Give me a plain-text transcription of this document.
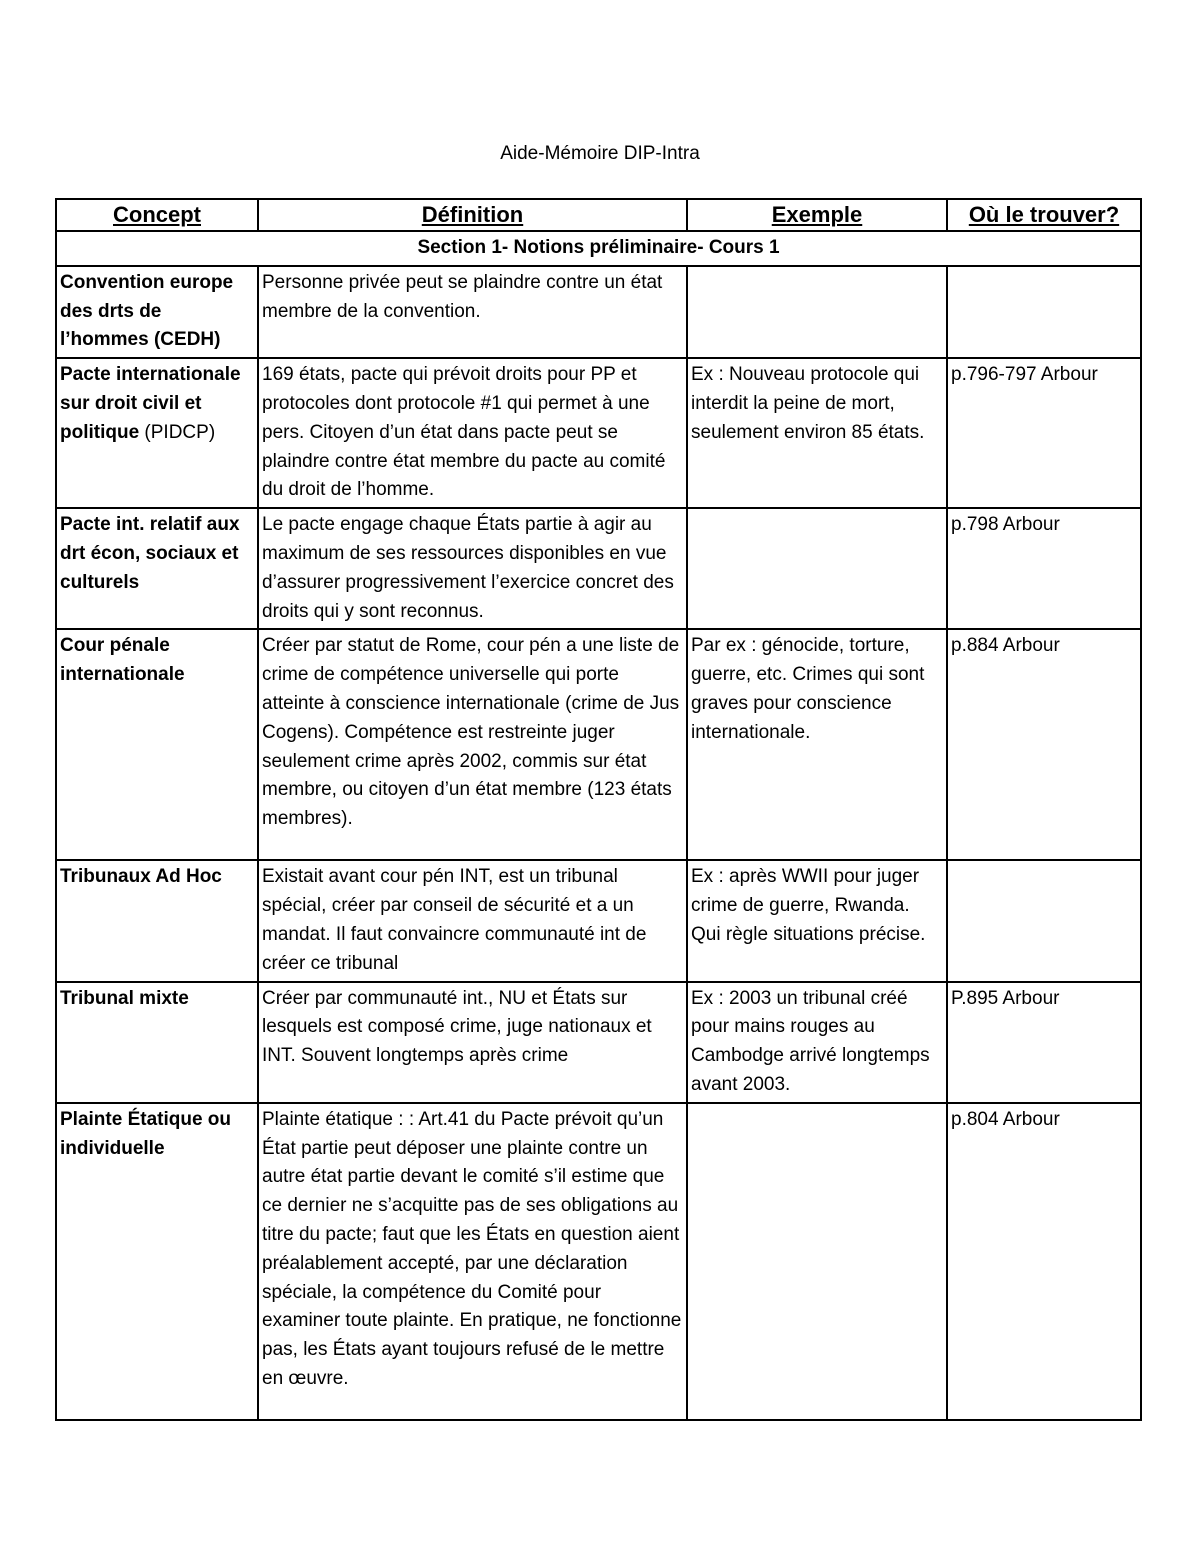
Aide-Mémoire DIP-Intra
Concept	Définition	Exemple	Où le trouver?
Section 1- Notions préliminaire- Cours 1			
Convention europe des drts de l’hommes (CEDH)	Personne privée peut se plaindre contre un état membre de la convention.		
Pacte internationale sur droit civil et politique (PIDCP)	169 états, pacte qui prévoit droits pour PP et protocoles dont protocole #1 qui permet à une pers. Citoyen d’un état dans pacte peut se plaindre contre état membre du pacte au comité du droit de l’homme.	Ex : Nouveau protocole qui interdit la peine de mort, seulement environ 85 états.	p.796-797 Arbour
Pacte int. relatif aux drt écon, sociaux et culturels	Le pacte engage chaque États partie à agir au maximum de ses ressources disponibles en vue d’assurer progressivement l’exercice concret des droits qui y sont reconnus.		p.798 Arbour
Cour pénale internationale	Créer par statut de Rome, cour pén a une liste de crime de compétence universelle qui porte atteinte à conscience internationale (crime de Jus Cogens). Compétence est restreinte juger seulement crime après 2002, commis sur état membre, ou citoyen d’un état membre (123 états membres).	Par ex : génocide, torture, guerre, etc. Crimes qui sont graves pour conscience internationale.	p.884 Arbour
Tribunaux Ad Hoc	Existait avant cour pén INT, est un tribunal spécial, créer par conseil de sécurité et a un mandat. Il faut convaincre communauté int de créer ce tribunal	Ex : après WWII pour juger crime de guerre, Rwanda. Qui règle situations précise.	
Tribunal mixte	Créer par communauté int., NU et États sur lesquels est composé crime, juge nationaux et INT. Souvent longtemps après crime	Ex : 2003 un tribunal créé pour mains rouges au Cambodge arrivé longtemps avant 2003.	P.895 Arbour
Plainte Étatique ou individuelle	Plainte étatique : : Art.41 du Pacte prévoit qu’un État partie peut déposer une plainte contre un autre état partie devant le comité s’il estime que ce dernier ne s’acquitte pas de ses obligations au titre du pacte; faut que les États en question aient préalablement accepté, par une déclaration spéciale, la compétence du Comité pour examiner toute plainte. En pratique, ne fonctionne pas, les États ayant toujours refusé de le mettre en œuvre.		p.804 Arbour
